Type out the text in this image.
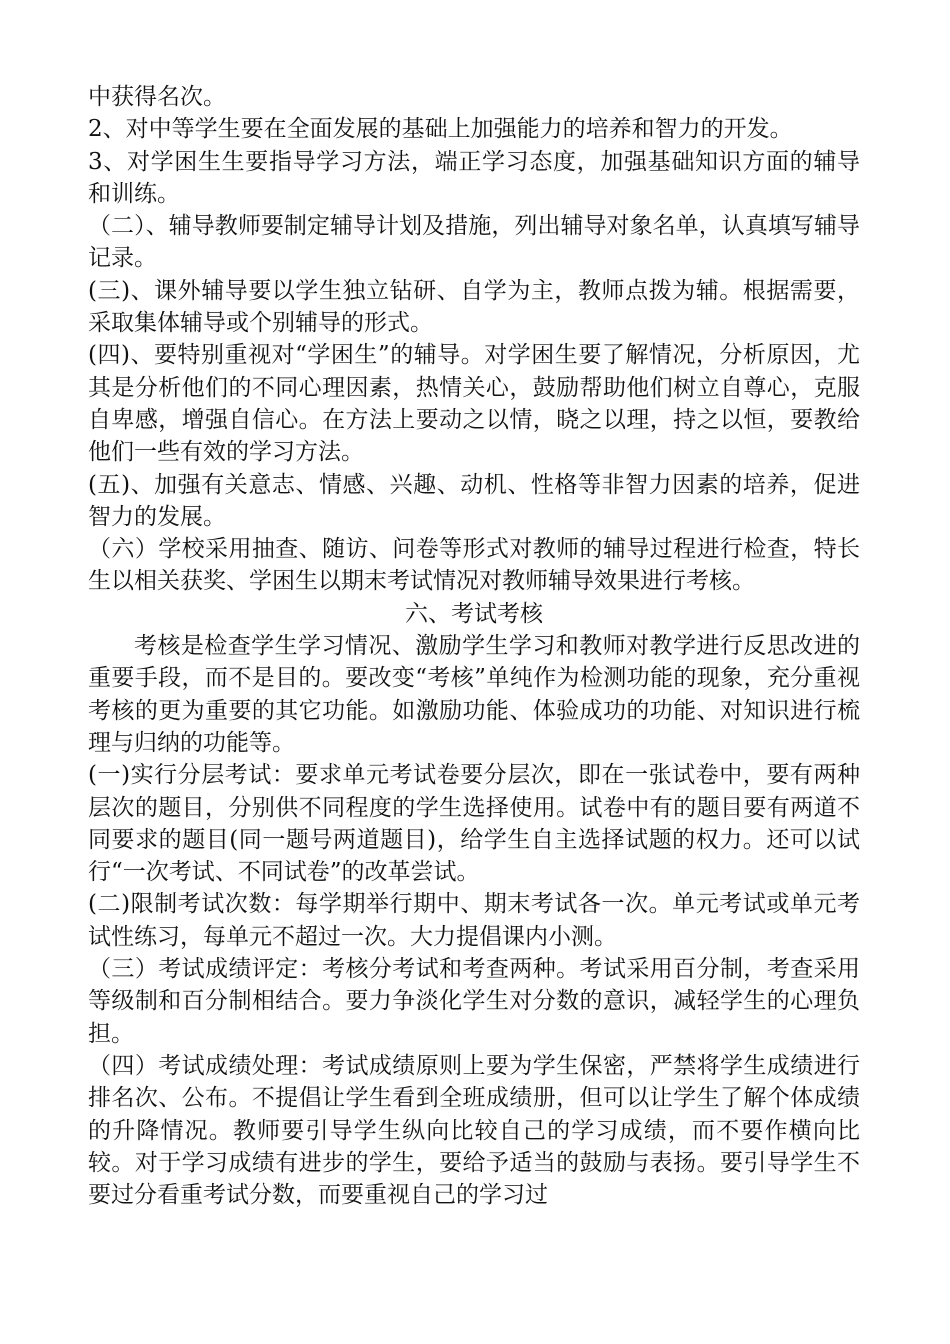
中获得名次。

2、对中等学生要在全面发展的基础上加强能力的培养和智力的开发。

3、对学困生生要指导学习方法，端正学习态度，加强基础知识方面的辅导和训练。

（二）、辅导教师要制定辅导计划及措施，列出辅导对象名单，认真填写辅导记录。

(三)、课外辅导要以学生独立钻研、自学为主，教师点拨为辅。根据需要，采取集体辅导或个别辅导的形式。

(四)、要特别重视对“学困生”的辅导。对学困生要了解情况，分析原因，尤其是分析他们的不同心理因素，热情关心，鼓励帮助他们树立自尊心，克服自卑感，增强自信心。在方法上要动之以情，晓之以理，持之以恒，要教给他们一些有效的学习方法。

(五)、加强有关意志、情感、兴趣、动机、性格等非智力因素的培养，促进智力的发展。

（六）学校采用抽查、随访、问卷等形式对教师的辅导过程进行检查，特长生以相关获奖、学困生以期末考试情况对教师辅导效果进行考核。

六、考试考核

考核是检查学生学习情况、激励学生学习和教师对教学进行反思改进的重要手段，而不是目的。要改变“考核”单纯作为检测功能的现象，充分重视考核的更为重要的其它功能。如激励功能、体验成功的功能、对知识进行梳理与归纳的功能等。

(一)实行分层考试：要求单元考试卷要分层次，即在一张试卷中，要有两种层次的题目，分别供不同程度的学生选择使用。试卷中有的题目要有两道不同要求的题目(同一题号两道题目)，给学生自主选择试题的权力。还可以试行“一次考试、不同试卷”的改革尝试。

(二)限制考试次数：每学期举行期中、期末考试各一次。单元考试或单元考试性练习，每单元不超过一次。大力提倡课内小测。

（三）考试成绩评定：考核分考试和考查两种。考试采用百分制，考查采用等级制和百分制相结合。要力争淡化学生对分数的意识，减轻学生的心理负担。

（四）考试成绩处理：考试成绩原则上要为学生保密，严禁将学生成绩进行排名次、公布。不提倡让学生看到全班成绩册，但可以让学生了解个体成绩的升降情况。教师要引导学生纵向比较自己的学习成绩，而不要作横向比较。对于学习成绩有进步的学生，要给予适当的鼓励与表扬。要引导学生不要过分看重考试分数，而要重视自己的学习过
